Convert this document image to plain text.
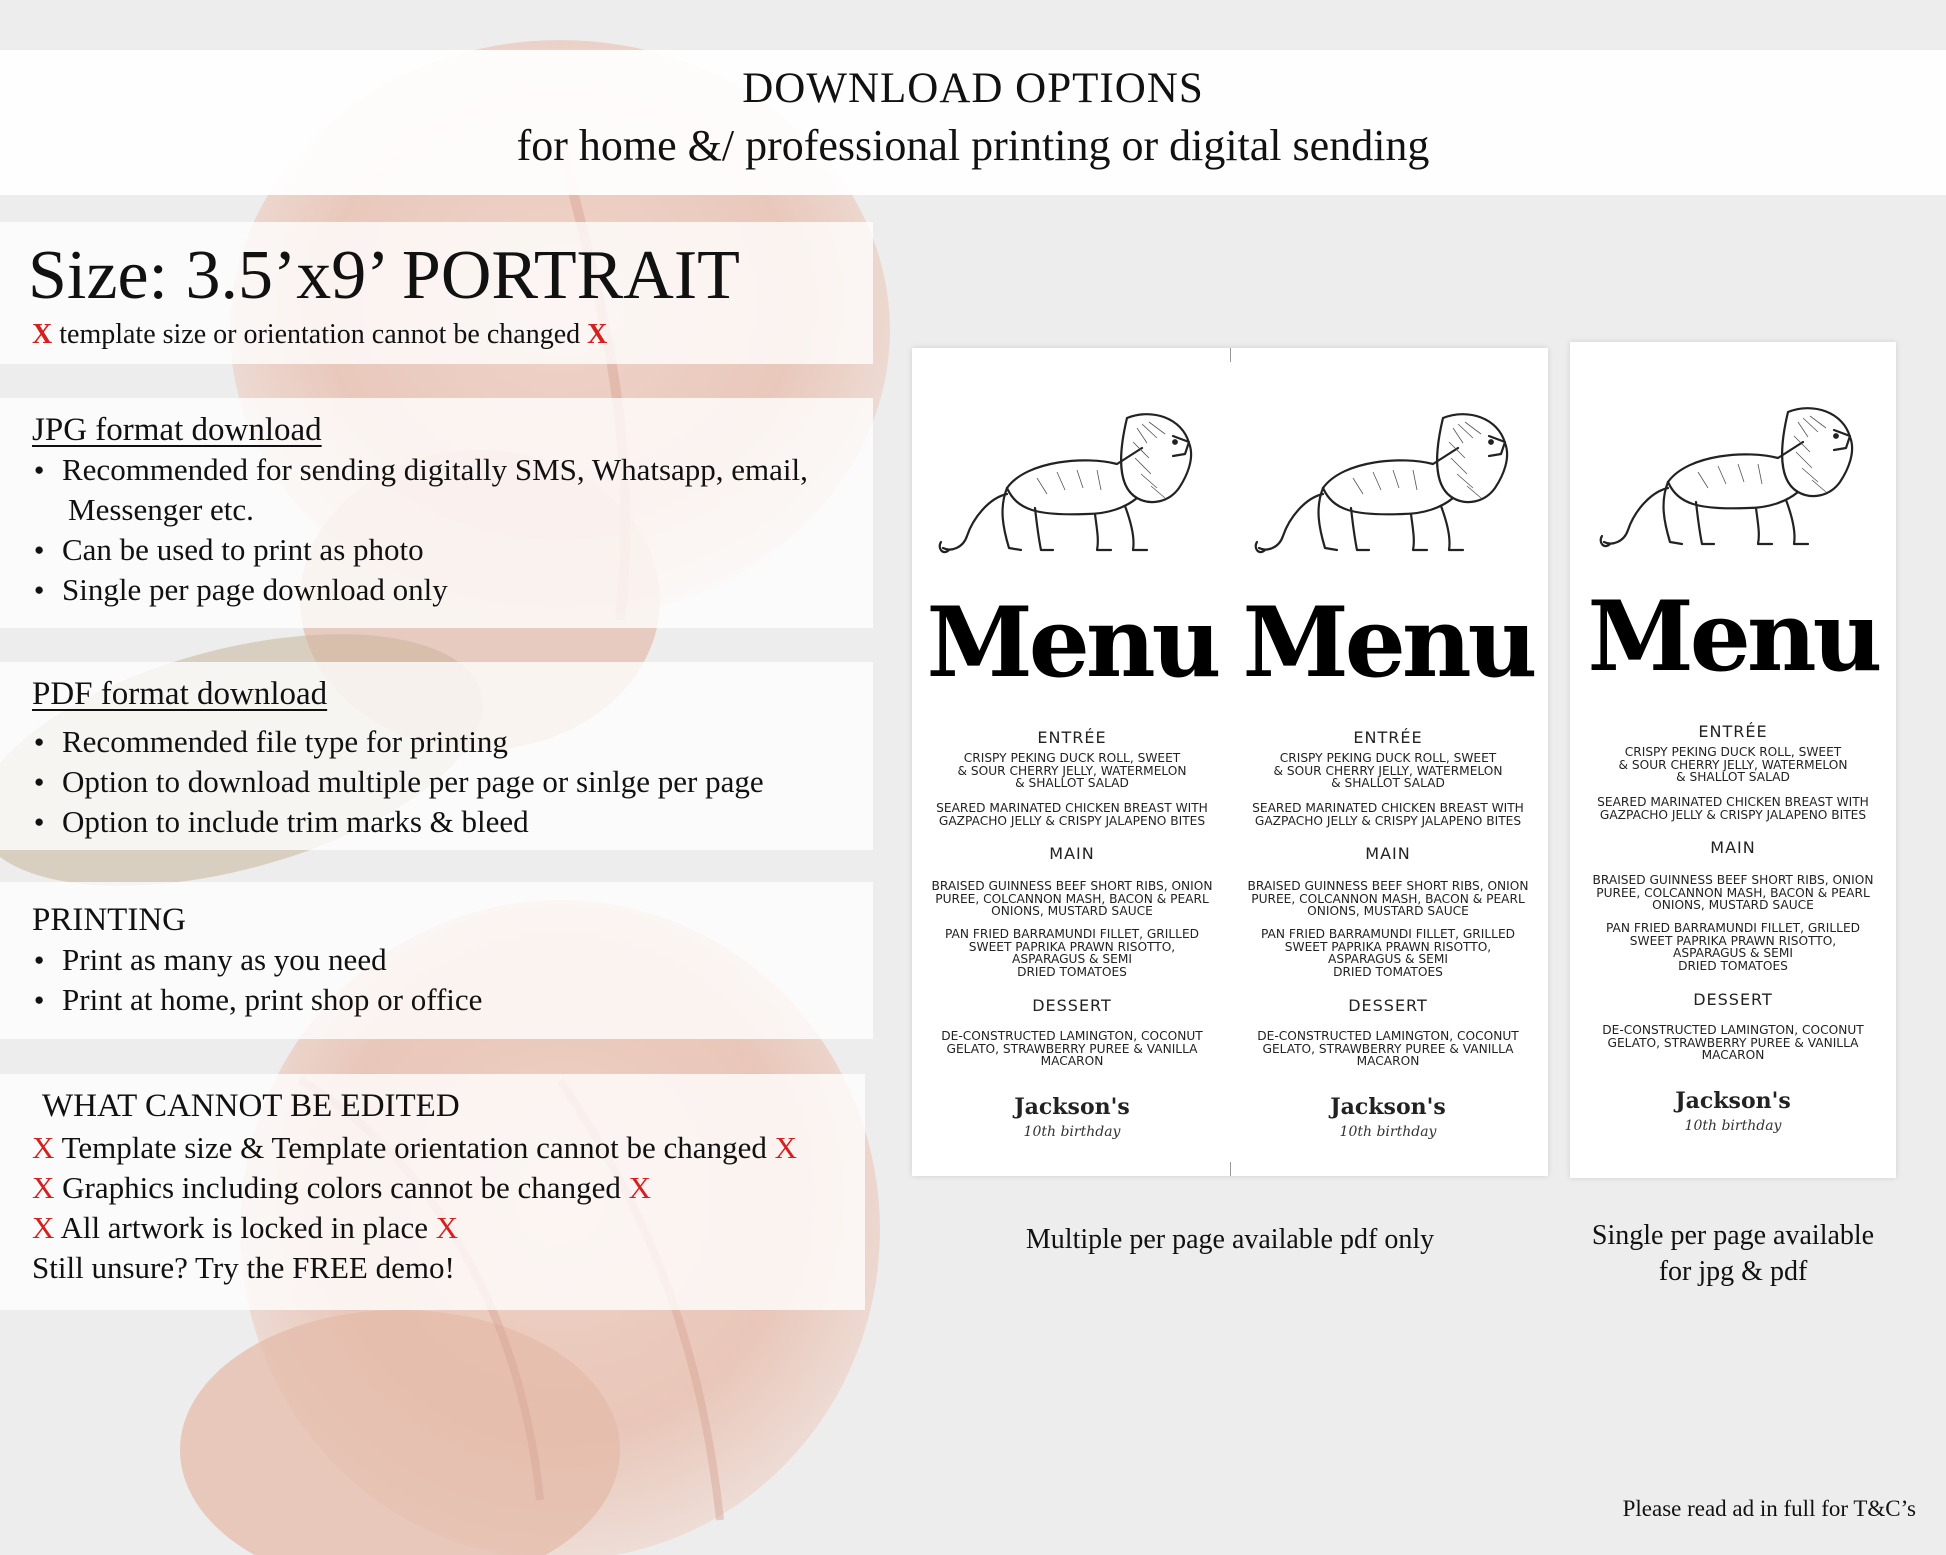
DOWNLOAD OPTIONS
for home &/ professional printing or digital sending
Size: 3.5’x9’ PORTRAIT
X template size or orientation cannot be changed X
JPG format download
● Recommended for sending digitally SMS, Whatsapp, email,
Messenger etc.
● Can be used to print as photo
● Single per page download only
PDF format download
● Recommended file type for printing
● Option to download multiple per page or sinlge per page
● Option to include trim marks & bleed
PRINTING
● Print as many as you need
● Print at home, print shop or office
WHAT CANNOT BE EDITED
X Template size & Template orientation cannot be changed X
X Graphics including colors cannot be changed X
X All artwork is locked in place X
Still unsure? Try the FREE demo!
Menu
ENTRÉE
CRISPY PEKING DUCK ROLL, SWEET
& SOUR CHERRY JELLY, WATERMELON
& SHALLOT SALAD
SEARED MARINATED CHICKEN BREAST WITH
GAZPACHO JELLY & CRISPY JALAPENO BITES
MAIN
BRAISED GUINNESS BEEF SHORT RIBS, ONION
PUREE, COLCANNON MASH, BACON & PEARL
ONIONS, MUSTARD SAUCE
PAN FRIED BARRAMUNDI FILLET, GRILLED
SWEET PAPRIKA PRAWN RISOTTO,
ASPARAGUS & SEMI
DRIED TOMATOES
DESSERT
DE-CONSTRUCTED LAMINGTON, COCONUT
GELATO, STRAWBERRY PUREE & VANILLA
MACARON
Jackson's
10th birthday
Menu
ENTRÉE
CRISPY PEKING DUCK ROLL, SWEET
& SOUR CHERRY JELLY, WATERMELON
& SHALLOT SALAD
SEARED MARINATED CHICKEN BREAST WITH
GAZPACHO JELLY & CRISPY JALAPENO BITES
MAIN
BRAISED GUINNESS BEEF SHORT RIBS, ONION
PUREE, COLCANNON MASH, BACON & PEARL
ONIONS, MUSTARD SAUCE
PAN FRIED BARRAMUNDI FILLET, GRILLED
SWEET PAPRIKA PRAWN RISOTTO,
ASPARAGUS & SEMI
DRIED TOMATOES
DESSERT
DE-CONSTRUCTED LAMINGTON, COCONUT
GELATO, STRAWBERRY PUREE & VANILLA
MACARON
Jackson's
10th birthday
Menu
ENTRÉE
CRISPY PEKING DUCK ROLL, SWEET
& SOUR CHERRY JELLY, WATERMELON
& SHALLOT SALAD
SEARED MARINATED CHICKEN BREAST WITH
GAZPACHO JELLY & CRISPY JALAPENO BITES
MAIN
BRAISED GUINNESS BEEF SHORT RIBS, ONION
PUREE, COLCANNON MASH, BACON & PEARL
ONIONS, MUSTARD SAUCE
PAN FRIED BARRAMUNDI FILLET, GRILLED
SWEET PAPRIKA PRAWN RISOTTO,
ASPARAGUS & SEMI
DRIED TOMATOES
DESSERT
DE-CONSTRUCTED LAMINGTON, COCONUT
GELATO, STRAWBERRY PUREE & VANILLA
MACARON
Jackson's
10th birthday
Multiple per page available pdf only	Single per page available
for jpg & pdf
Please read ad in full for T&C’s
